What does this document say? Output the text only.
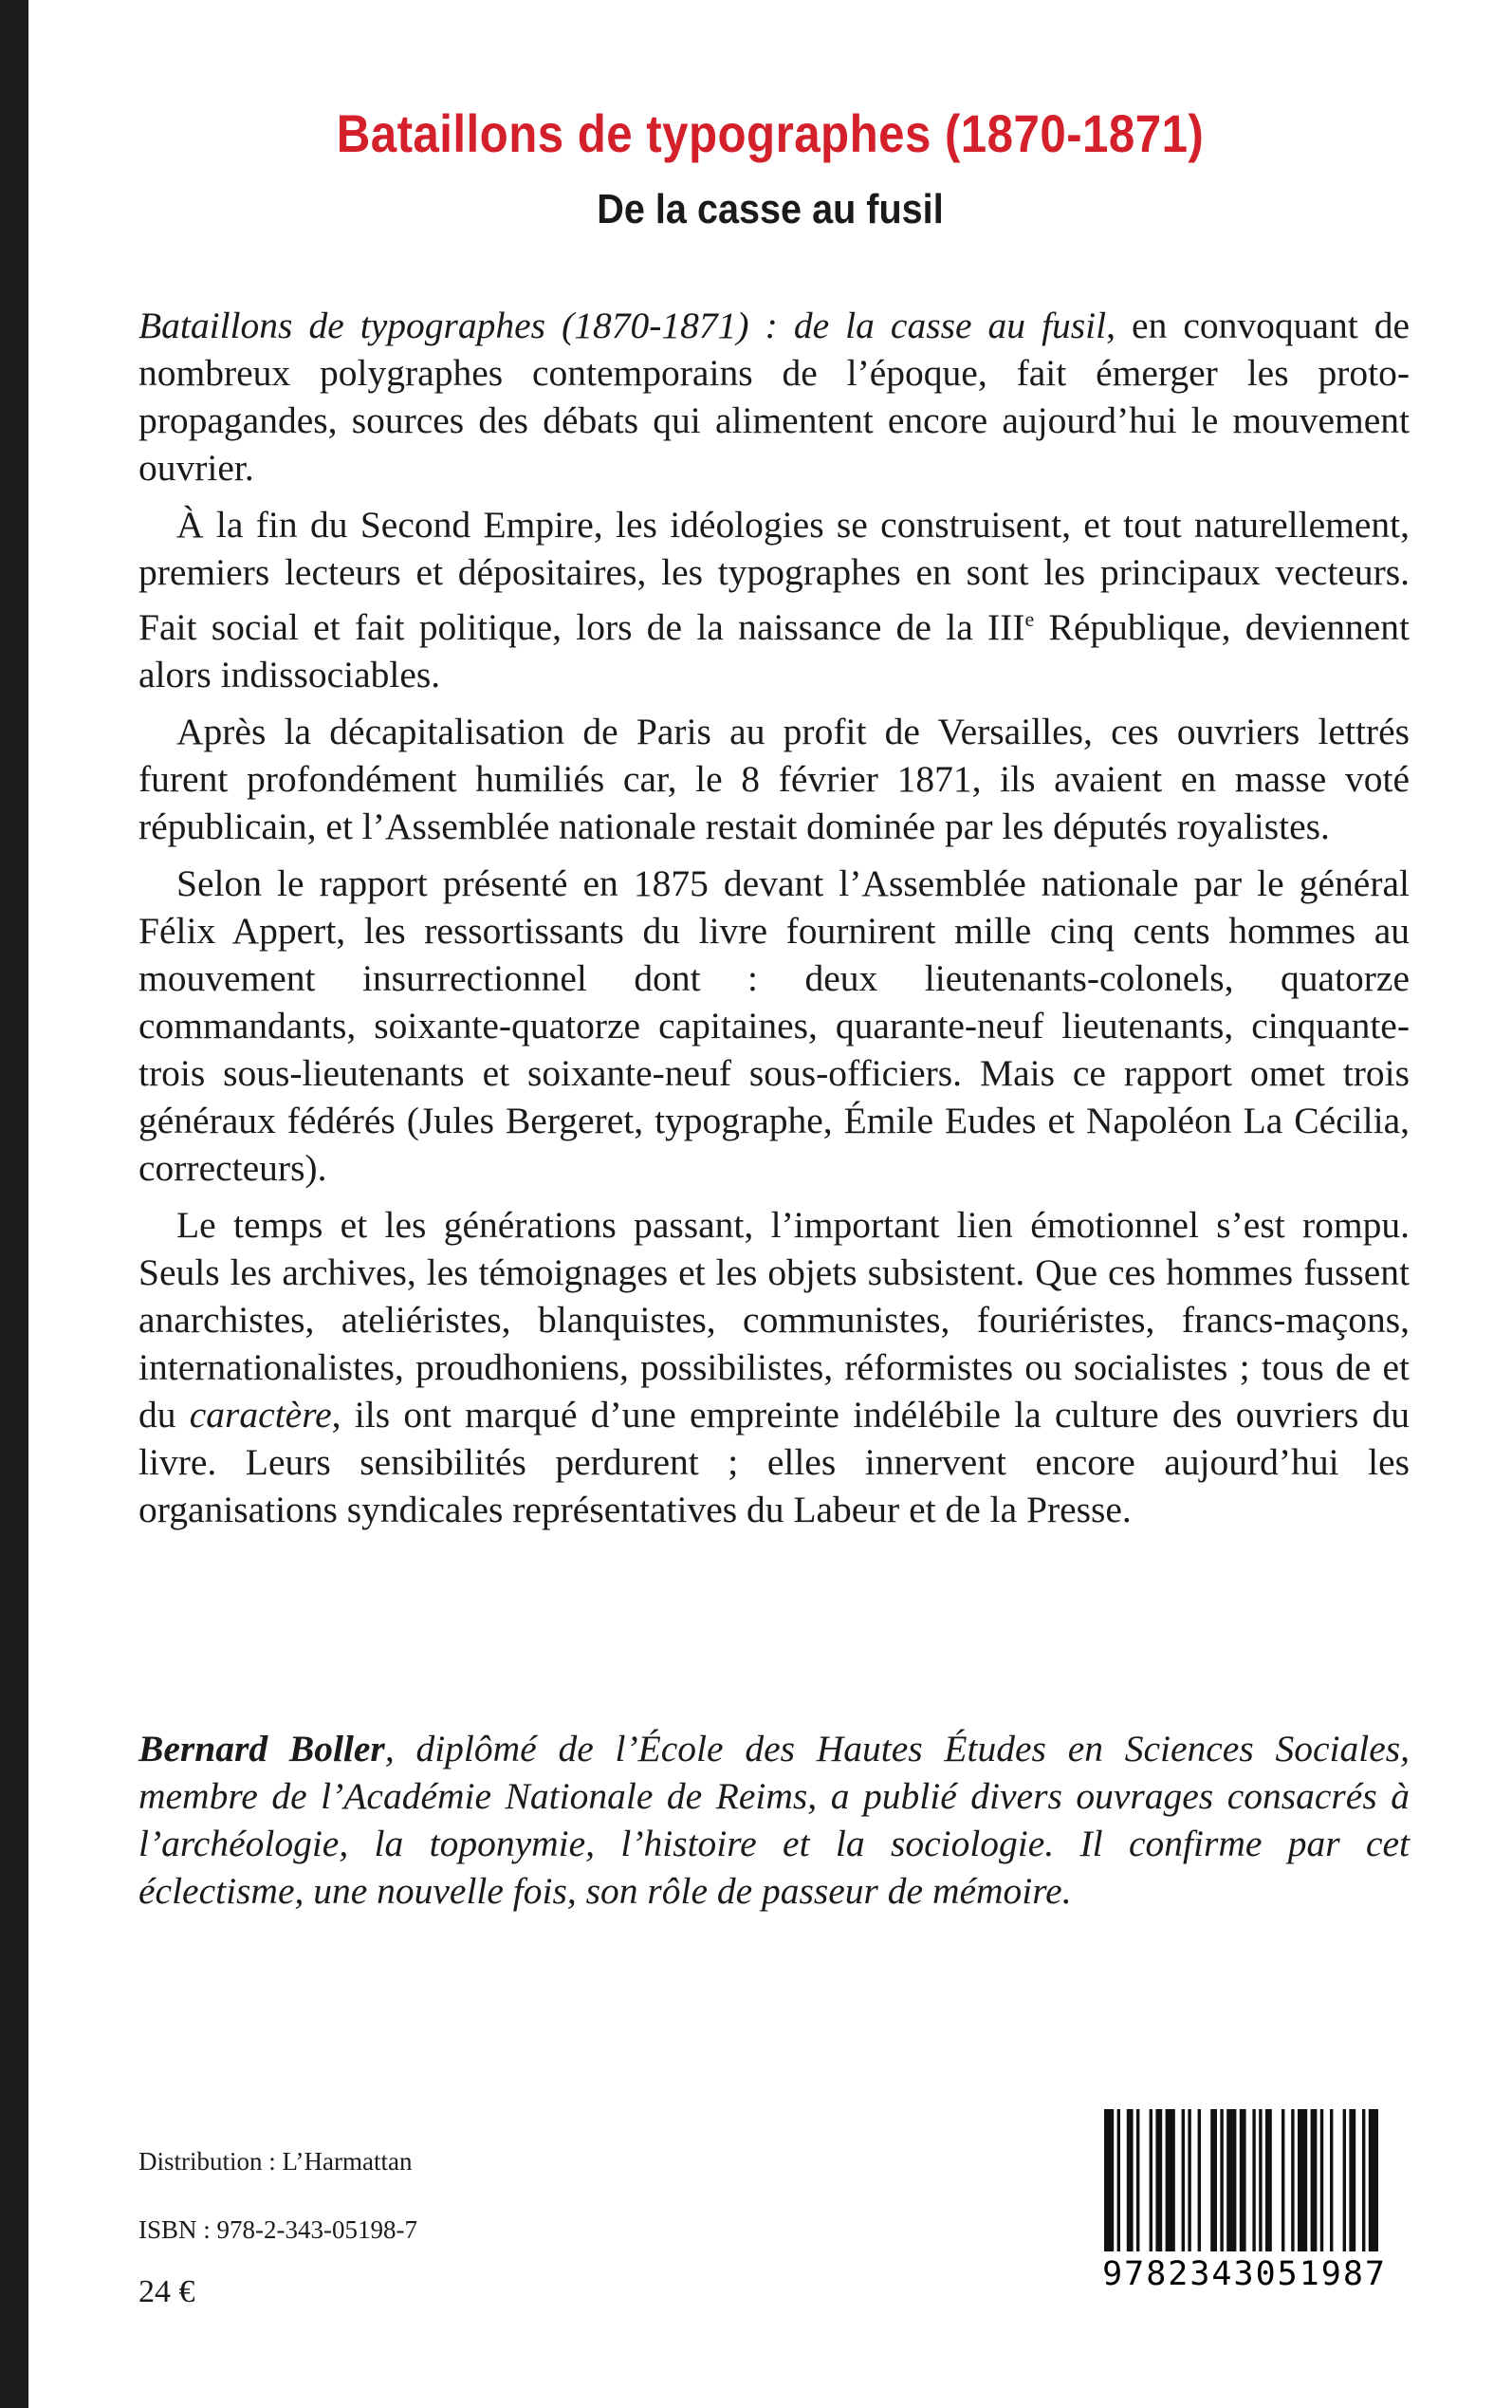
Bataillons de typographes (1870-1871)
De la casse au fusil

Bataillons de typographes (1870-1871) : de la casse au fusil, en convoquant de nombreux polygraphes contemporains de l’époque, fait émerger les proto-propagandes, sources des débats qui alimentent encore aujourd’hui le mouvement ouvrier.

À la fin du Second Empire, les idéologies se construisent, et tout naturellement, premiers lecteurs et dépositaires, les typographes en sont les principaux vecteurs. Fait social et fait politique, lors de la naissance de la IIIe République, deviennent alors indissociables.

Après la décapitalisation de Paris au profit de Versailles, ces ouvriers lettrés furent profondément humiliés car, le 8 février 1871, ils avaient en masse voté républicain, et l’Assemblée nationale restait dominée par les députés royalistes.

Selon le rapport présenté en 1875 devant l’Assemblée nationale par le général Félix Appert, les ressortissants du livre fournirent mille cinq cents hommes au mouvement insurrectionnel dont : deux lieutenants-colonels, quatorze commandants, soixante-quatorze capitaines, quarante-neuf lieutenants, cinquante-trois sous-lieutenants et soixante-neuf sous-officiers. Mais ce rapport omet trois généraux fédérés (Jules Bergeret, typographe, Émile Eudes et Napoléon La Cécilia, correcteurs).

Le temps et les générations passant, l’important lien émotionnel s’est rompu. Seuls les archives, les témoignages et les objets subsistent. Que ces hommes fussent anarchistes, ateliéristes, blanquistes, communistes, fouriéristes, francs-maçons, internationalistes, proudhoniens, possibilistes, réformistes ou socialistes ; tous de et du caractère, ils ont marqué d’une empreinte indélébile la culture des ouvriers du livre. Leurs sensibilités perdurent ; elles innervent encore aujourd’hui les organisations syndicales représentatives du Labeur et de la Presse.

Bernard Boller, diplômé de l’École des Hautes Études en Sciences Sociales, membre de l’Académie Nationale de Reims, a publié divers ouvrages consacrés à l’archéologie, la toponymie, l’histoire et la sociologie. Il confirme par cet éclectisme, une nouvelle fois, son rôle de passeur de mémoire.
Distribution : L’Harmattan
ISBN : 978-2-343-05198-7
24 €	9782343051987
